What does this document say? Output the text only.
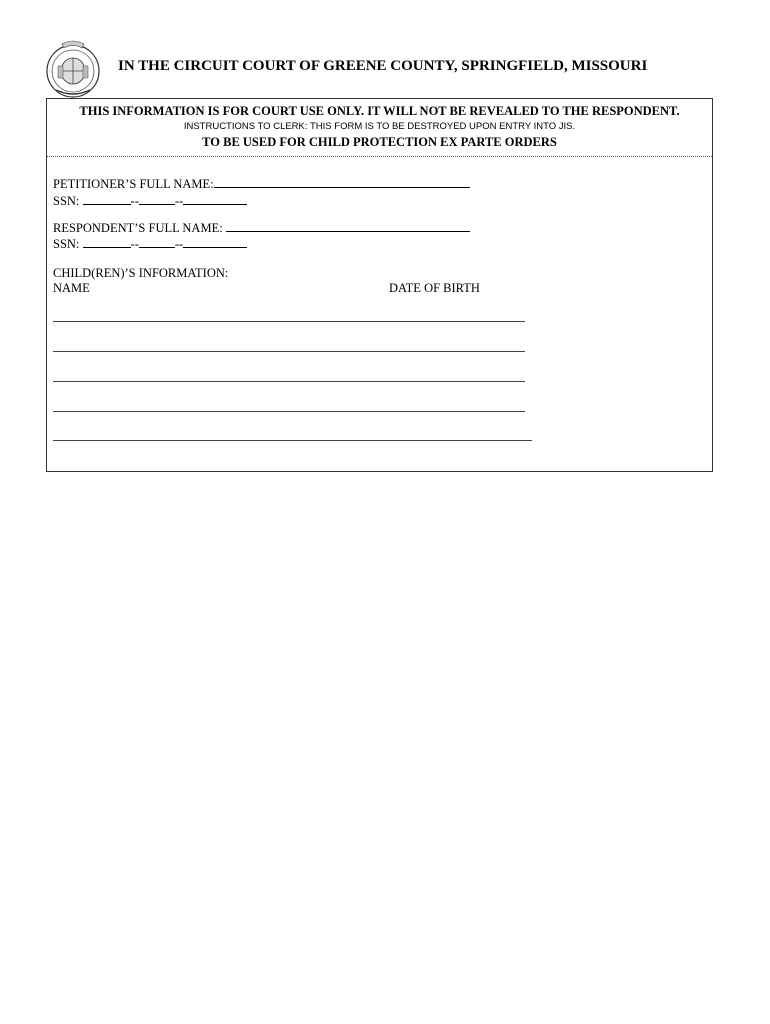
IN THE CIRCUIT COURT OF GREENE COUNTY, SPRINGFIELD, MISSOURI
THIS INFORMATION IS FOR COURT USE ONLY. IT WILL NOT BE REVEALED TO THE RESPONDENT.
INSTRUCTIONS TO CLERK: THIS FORM IS TO BE DESTROYED UPON ENTRY INTO JIS.
TO BE USED FOR CHILD PROTECTION EX PARTE ORDERS
PETITIONER’S FULL NAME:
SSN:	--	--
RESPONDENT’S FULL NAME:
SSN:	--	--
CHILD(REN)’S INFORMATION:
NAME	DATE OF BIRTH
